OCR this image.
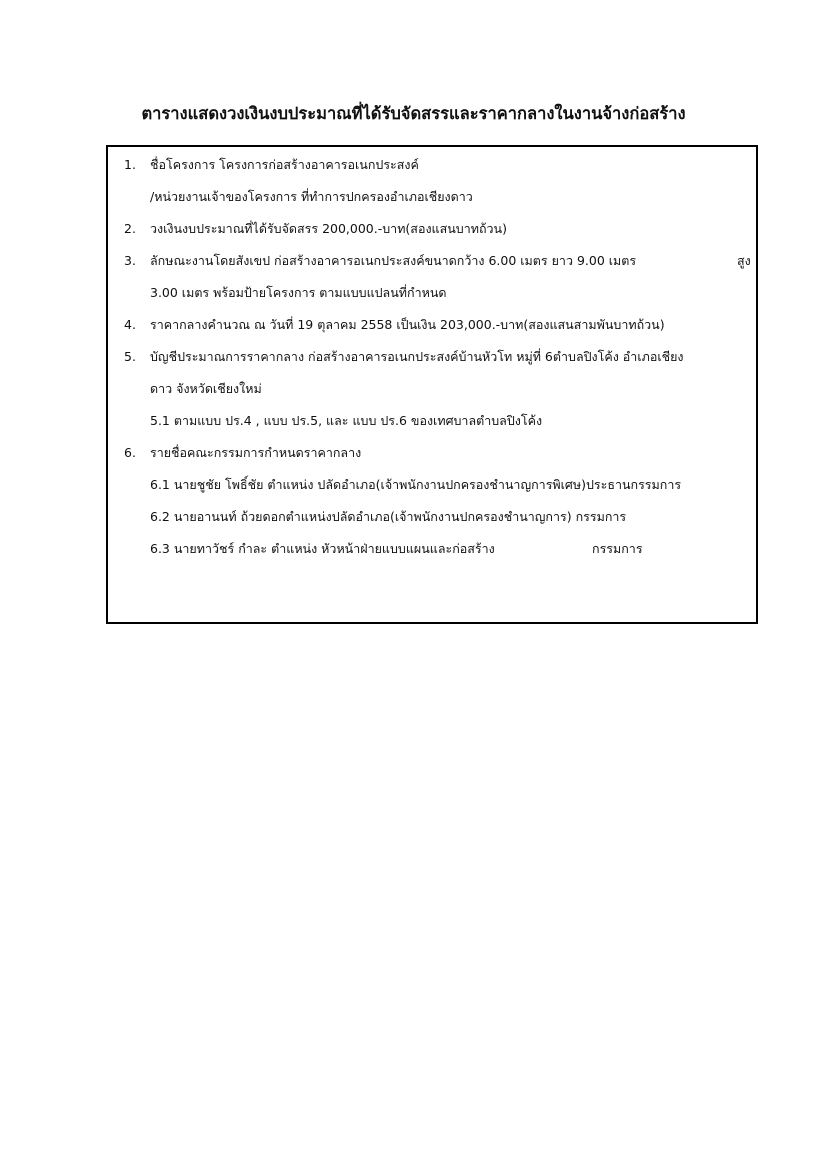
ตารางแสดงวงเงินงบประมาณที่ได้รับจัดสรรและราคากลางในงานจ้างก่อสร้าง
1. ชื่อโครงการ โครงการก่อสร้างอาคารอเนกประสงค์
/หน่วยงานเจ้าของโครงการ ที่ทำการปกครองอำเภอเชียงดาว
2. วงเงินงบประมาณที่ได้รับจัดสรร 200,000.-บาท(สองแสนบาทถ้วน)
3. ลักษณะงานโดยสังเขป ก่อสร้างอาคารอเนกประสงค์ขนาดกว้าง 6.00 เมตร ยาว 9.00 เมตร	สูง
3.00 เมตร พร้อมป้ายโครงการ ตามแบบแปลนที่กำหนด
4. ราคากลางคำนวณ ณ วันที่ 19 ตุลาคม 2558 เป็นเงิน 203,000.-บาท(สองแสนสามพันบาทถ้วน)
5. บัญชีประมาณการราคากลาง ก่อสร้างอาคารอเนกประสงค์บ้านหัวโท หมู่ที่ 6ตำบลปิงโค้ง อำเภอเชียง
ดาว จังหวัดเชียงใหม่
5.1 ตามแบบ ปร.4 , แบบ ปร.5, และ แบบ ปร.6 ของเทศบาลตำบลปิงโค้ง
6. รายชื่อคณะกรรมการกำหนดราคากลาง
6.1 นายชูชัย โพธิ์ชัย ตำแหน่ง ปลัดอำเภอ(เจ้าพนักงานปกครองชำนาญการพิเศษ)ประธานกรรมการ
6.2 นายอานนท์ ถ้วยดอกตำแหน่งปลัดอำเภอ(เจ้าพนักงานปกครองชำนาญการ) กรรมการ
6.3 นายทาวัชร์ กำละ ตำแหน่ง หัวหน้าฝ่ายแบบแผนและก่อสร้าง	กรรมการ
